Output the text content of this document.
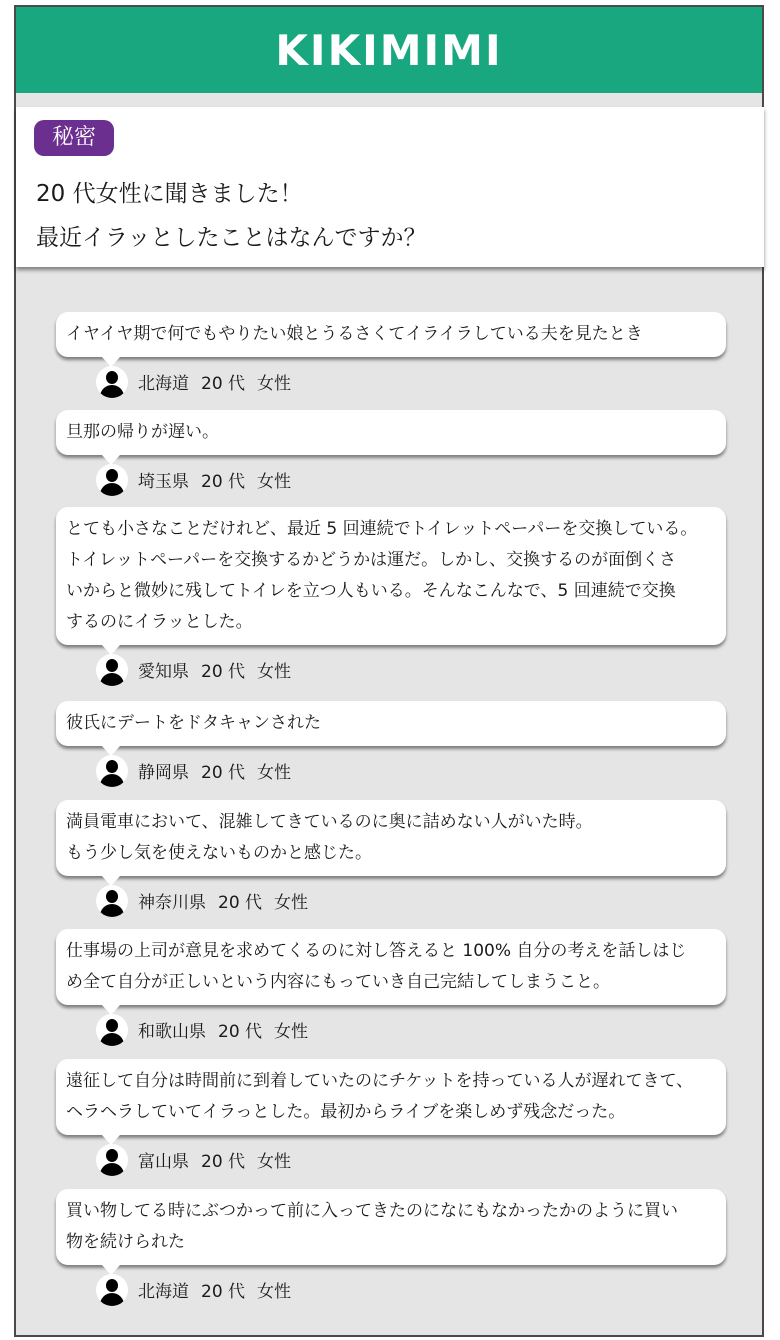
KIKIMIMI
秘密
20 代女性に聞きました！
最近イラッとしたことはなんですか？
イヤイヤ期で何でもやりたい娘とうるさくてイライラしている夫を見たとき
北海道 20 代 女性
旦那の帰りが遅い。
埼玉県 20 代 女性
とても小さなことだけれど、最近 5 回連続でトイレットペーパーを交換している。
トイレットペーパーを交換するかどうかは運だ。しかし、交換するのが面倒くさ
いからと微妙に残してトイレを立つ人もいる。そんなこんなで、5 回連続で交換
するのにイラッとした。
愛知県 20 代 女性
彼氏にデートをドタキャンされた
静岡県 20 代 女性
満員電車において、混雑してきているのに奥に詰めない人がいた時。
もう少し気を使えないものかと感じた。
神奈川県 20 代 女性
仕事場の上司が意見を求めてくるのに対し答えると 100% 自分の考えを話しはじ
め全て自分が正しいという内容にもっていき自己完結してしまうこと。
和歌山県 20 代 女性
遠征して自分は時間前に到着していたのにチケットを持っている人が遅れてきて、
ヘラヘラしていてイラっとした。最初からライブを楽しめず残念だった。
富山県 20 代 女性
買い物してる時にぶつかって前に入ってきたのになにもなかったかのように買い
物を続けられた
北海道 20 代 女性
